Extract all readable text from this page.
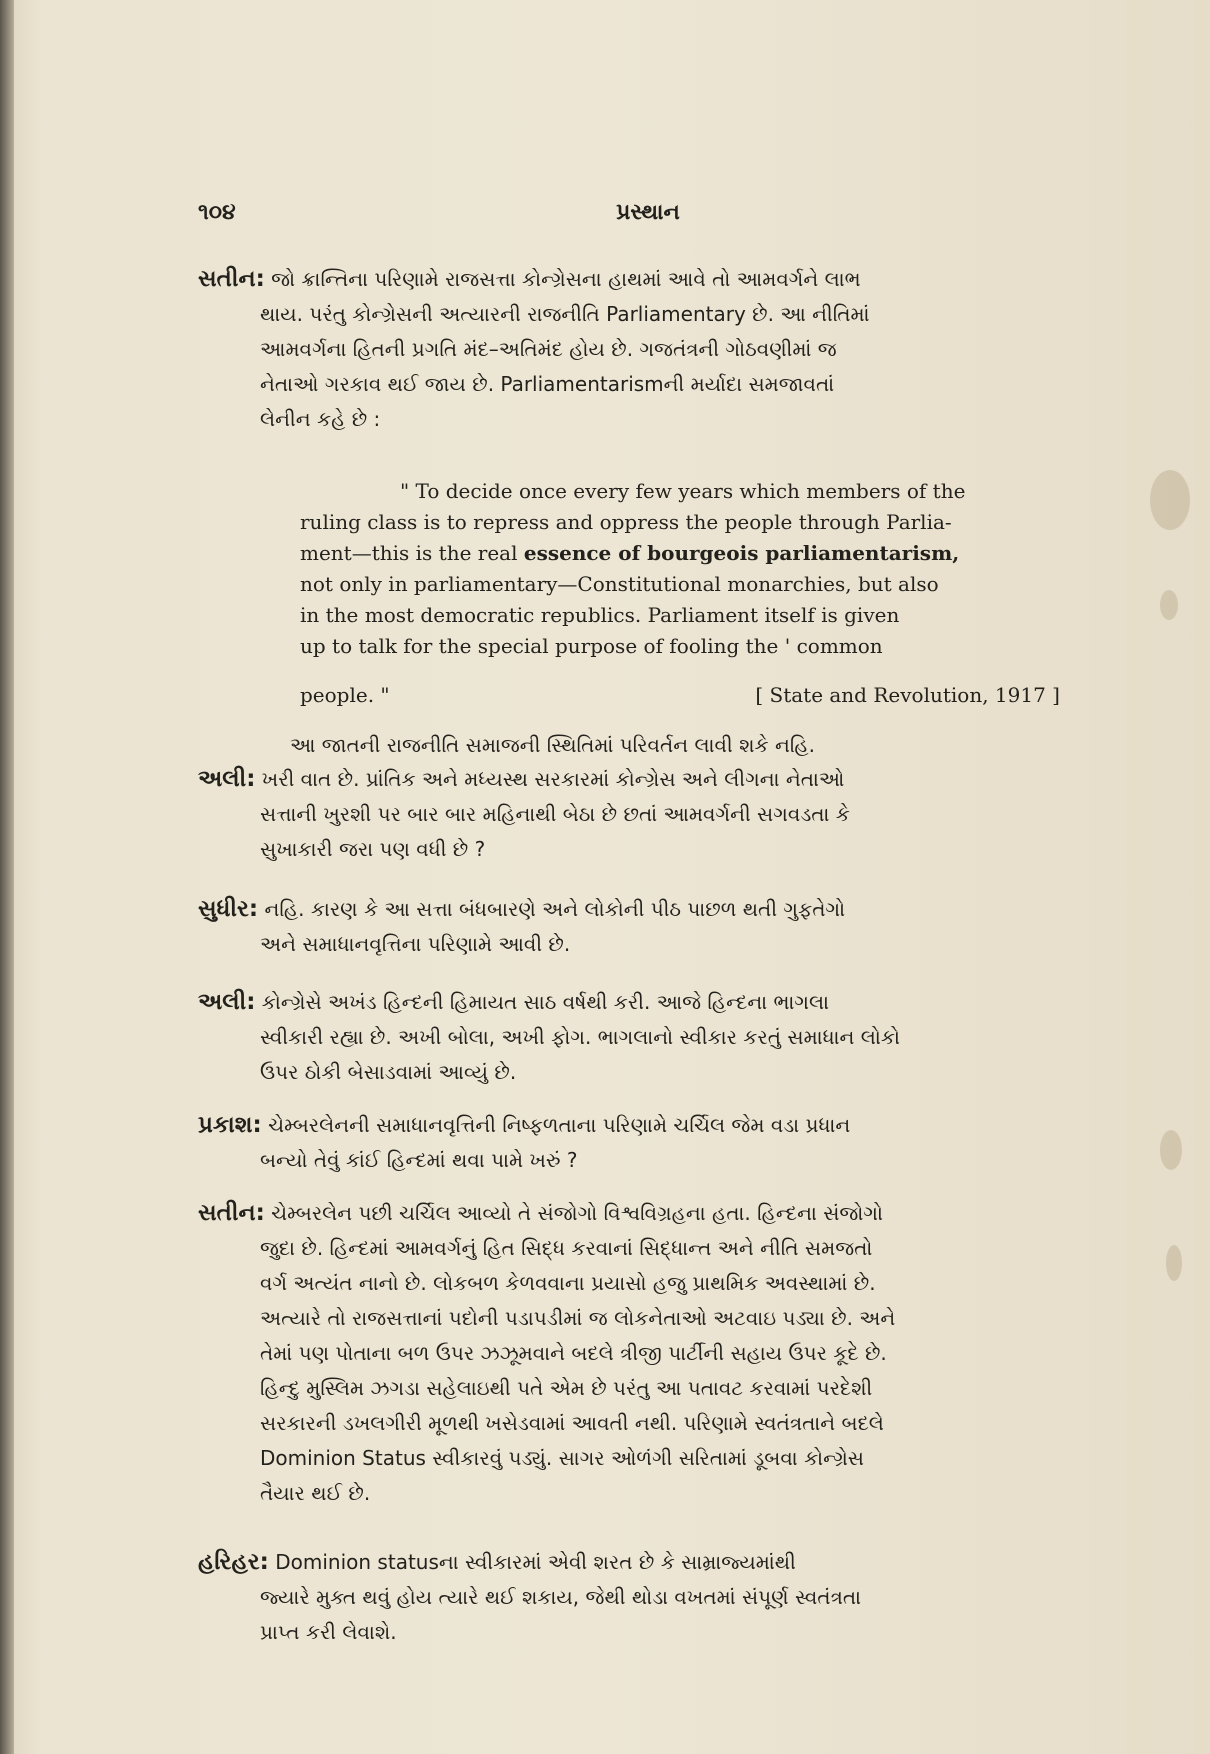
૧૦૪	પ્રસ્થાન
સતીન: જો ક્રાન્તિના પરિણામે રાજસત્તા કોન્ગ્રેસના હાથમાં આવે તો આમવર્ગને લાભ
થાય. પરંતુ કોન્ગ્રેસની અત્યારની રાજનીતિ Parliamentary છે. આ નીતિમાં
આમવર્ગના હિતની પ્રગતિ મંદ–અતિમંદ હોય છે. ગજતંત્રની ગોઠવણીમાં જ
નેતાઓ ગરકાવ થઈ જાય છે. Parliamentarismની મર્યાદા સમજાવતાં
લેનીન કહે છે :
" To decide once every few years which members of the
ruling class is to repress and oppress the people through Parlia-
ment—this is the real essence of bourgeois parliamentarism,
not only in parliamentary—Constitutional monarchies, but also
in the most democratic republics. Parliament itself is given
up to talk for the special purpose of fooling the ' common
people. "	[ State and Revolution, 1917 ]
આ જાતની રાજનીતિ સમાજની સ્થિતિમાં પરિવર્તન લાવી શકે નહિ.
અલી: ખરી વાત છે. પ્રાંતિક અને મધ્યસ્થ સરકારમાં કોન્ગ્રેસ અને લીગના નેતાઓ
સત્તાની ખુરશી પર બાર બાર મહિનાથી બેઠા છે છતાં આમવર્ગની સગવડતા કે
સુખાકારી જરા પણ વધી છે ?
સુધીર: નહિ. કારણ કે આ સત્તા બંધબારણે અને લોકોની પીઠ પાછળ થતી ગુફતેગો
અને સમાધાનવૃત્તિના પરિણામે આવી છે.
અલી: કોન્ગ્રેસે અખંડ હિન્દની હિમાયત સાઠ વર્ષથી કરી. આજે હિન્દના ભાગલા
સ્વીકારી રહ્યા છે. અખી બોલા, અખી ફોગ. ભાગલાનો સ્વીકાર કરતું સમાધાન લોકો
ઉપર ઠોકી બેસાડવામાં આવ્યું છે.
પ્રકાશ: ચેમ્બરલેનની સમાધાનવૃત્તિની નિષ્ફળતાના પરિણામે ચર્ચિલ જેમ વડા પ્રધાન
બન્યો તેવું કાંઈ હિન્દમાં થવા પામે ખરું ?
સતીન: ચેમ્બરલેન પછી ચર્ચિલ આવ્યો તે સંજોગો વિશ્વવિગ્રહના હતા. હિન્દના સંજોગો
જુદા છે. હિન્દમાં આમવર્ગનું હિત સિદ્ધ કરવાનાં સિદ્ધાન્ત અને નીતિ સમજતો
વર્ગ અત્યંત નાનો છે. લોકબળ કેળવવાના પ્રયાસો હજુ પ્રાથમિક અવસ્થામાં છે.
અત્યારે તો રાજસત્તાનાં પદોની પડાપડીમાં જ લોકનેતાઓ અટવાઇ પડ્યા છે. અને
તેમાં પણ પોતાના બળ ઉપર ઝઝૂમવાને બદલે ત્રીજી પાર્ટીની સહાય ઉપર કૂદે છે.
હિન્દુ મુસ્લિમ ઝગડા સહેલાઇથી પતે એમ છે પરંતુ આ પતાવટ કરવામાં પરદેશી
સરકારની ડખલગીરી મૂળથી ખસેડવામાં આવતી નથી. પરિણામે સ્વતંત્રતાને બદલે
Dominion Status સ્વીકારવું પડ્યું. સાગર ઓળંગી સરિતામાં ડૂબવા કોન્ગ્રેસ
તૈયાર થઈ છે.
હરિહર: Dominion statusના સ્વીકારમાં એવી શરત છે કે સામ્રાજ્યમાંથી
જ્યારે મુક્ત થવું હોય ત્યારે થઈ શકાય, જેથી થોડા વખતમાં સંપૂર્ણ સ્વતંત્રતા
પ્રાપ્ત કરી લેવાશે.
